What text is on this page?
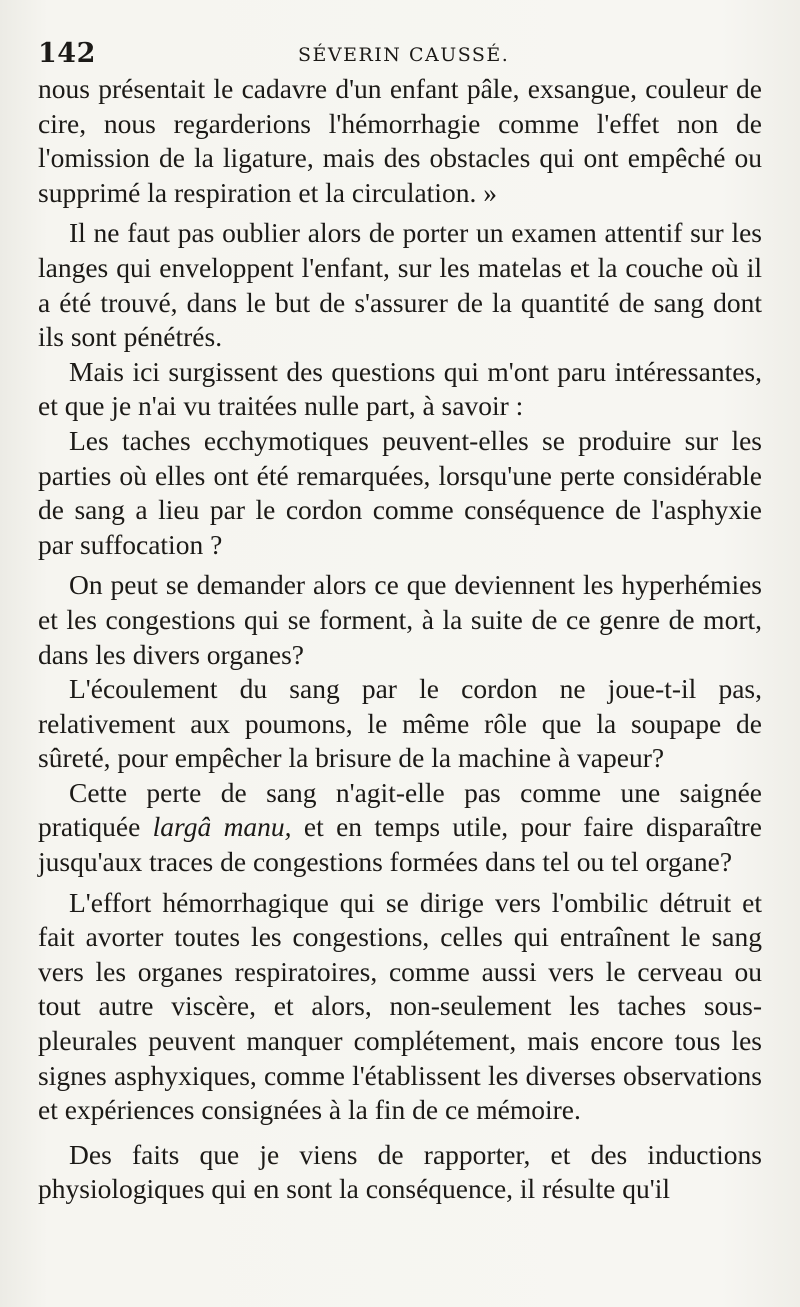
142	SÉVERIN CAUSSÉ.

nous présentait le cadavre d'un enfant pâle, exsangue, couleur de cire, nous regarderions l'hémorrhagie comme l'effet non de l'omission de la ligature, mais des obstacles qui ont empêché ou supprimé la respiration et la circulation. »

Il ne faut pas oublier alors de porter un examen attentif sur les langes qui enveloppent l'enfant, sur les matelas et la couche où il a été trouvé, dans le but de s'assurer de la quantité de sang dont ils sont pénétrés.

Mais ici surgissent des questions qui m'ont paru intéressantes, et que je n'ai vu traitées nulle part, à savoir :

Les taches ecchymotiques peuvent-elles se produire sur les parties où elles ont été remarquées, lorsqu'une perte considérable de sang a lieu par le cordon comme conséquence de l'asphyxie par suffocation ?

On peut se demander alors ce que deviennent les hyperhémies et les congestions qui se forment, à la suite de ce genre de mort, dans les divers organes?

L'écoulement du sang par le cordon ne joue-t-il pas, relativement aux poumons, le même rôle que la soupape de sûreté, pour empêcher la brisure de la machine à vapeur?

Cette perte de sang n'agit-elle pas comme une saignée pratiquée largâ manu, et en temps utile, pour faire disparaître jusqu'aux traces de congestions formées dans tel ou tel organe?

L'effort hémorrhagique qui se dirige vers l'ombilic détruit et fait avorter toutes les congestions, celles qui entraînent le sang vers les organes respiratoires, comme aussi vers le cerveau ou tout autre viscère, et alors, non-seulement les taches sous-pleurales peuvent manquer complétement, mais encore tous les signes asphyxiques, comme l'établissent les diverses observations et expériences consignées à la fin de ce mémoire.

Des faits que je viens de rapporter, et des inductions physiologiques qui en sont la conséquence, il résulte qu'il
